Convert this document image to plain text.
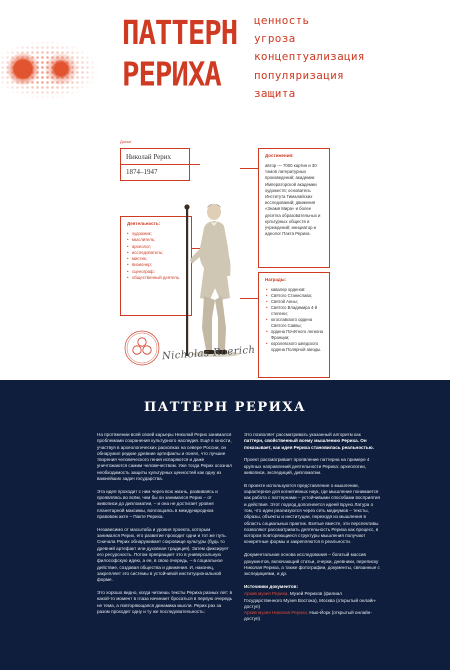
ПАТТЕРН
РЕРИХА
ценность
угроза
концептуализация
популяризация
защита
Досье
Николай Рерих
1874–1947
Деятельность:
• художник;
• мыслитель;
• археолог;
• исследователь;
• мистик;
• визионер;
• сценограф;
• общественный деятель.
Достижения:

автор — 7000 картин и 30 томов литературных произведений; академик Императорской академии художеств; основатель Института Гималайских исследований; движения «Знамя Мира» и более десятка образовательных и культурных обществ и учреждений; инициатор и идеолог Пакта Рериха.

Награды:
• кавалер орденов:
• Святого Станислава;
• Святой Анны;
• Святого Владимира 4-й степени;
• югославского ордена Святого Саввы;
• ордена Почётного легиона Франции;
• королевского шведского ордена Полярной звезды.
Nicholas Roerich
ПАТТЕРН РЕРИХА

На протяжении всей своей карьеры Николай Рерих занимался проблемами сохранения культурного наследия. Ещё в юности, участвуя в археологических раскопках на севере России, он обнаружил редкие древние артефакты и понял, что лучшие творения человеческого гения испаряются и даже уничтожаются самим человечеством. Уже тогда Рерих осознал необходимость защиты культурных ценностей как одну из важнейших задач государства.

Эта идея проходит с ним через всю жизнь, развиваясь и проявляясь во всём, чем бы он занимался Рерих – от живописи до дипломатии, – и она не достигает уровня планетарной максимы, воплощаясь в международном правовом акте – Пакте Рериха.

Независимо от масштаба и уровня проекта, которым занимался Рерих, его развитие проходит одни и тот же путь. Сначала Рерих обнаруживает сокровище культуры (будь то древний артефакт или духовная традиция). Затем фиксирует его ресурсность. Потом превращает это в универсальную философскую идею, а ее, в свою очередь, – в социальное действие, создавая общества и движения. И, наконец, закрепляет это системы в устойчивой институциональной форме.

Это хорошо видно, когда читаешь тексты Рериха разных лет: в какой-то момент в глаза начинает бросаться в первую очередь не тема, а повторяющаяся динамика мысли. Рерих раз за разом проходит одну и ту же последовательность:

Это позволяет рассматривать указанный алгоритм как паттерн, свойственный всему мышлению Рериха. Он показывает, как идея Рериха становилась реальностью.

Проект рассматривает проявление паттерна на примере 4 крупных направлений деятельности Рериха: археологии, живописи, экспедиций, дипломатии.

В проекте используются представление о мышлении, характерное для когнитивных наук, где мышление понимается как работа с паттернами – устойчивыми способами восприятия и действия. Этот подход дополняется идеей Бруно Латура о том, что идеи реализуются через сеть медиумов – тексты, образы, объекты и институции, переходя из мышления в область социальных практик. Взятые вместе, эти перспективы позволяют рассматривать деятельность Рериха как процесс, в котором повторяющиеся структуры мышления получают конкретные формы и закрепляются в реальности.

Документальная основа исследования – богатый массив документов, включающий статьи, очерки, дневники, переписку Николая Рериха, а также фотографии, документы, связанные с экспедициями, и др.

Источники документов:
Архив музея Рериха, Музей Рерихов (филиал Государственного Музея Востока), Москва (открытый онлайн-доступ)
Архив музея Николая Рериха, Нью-Йорк (открытый онлайн-доступ)
